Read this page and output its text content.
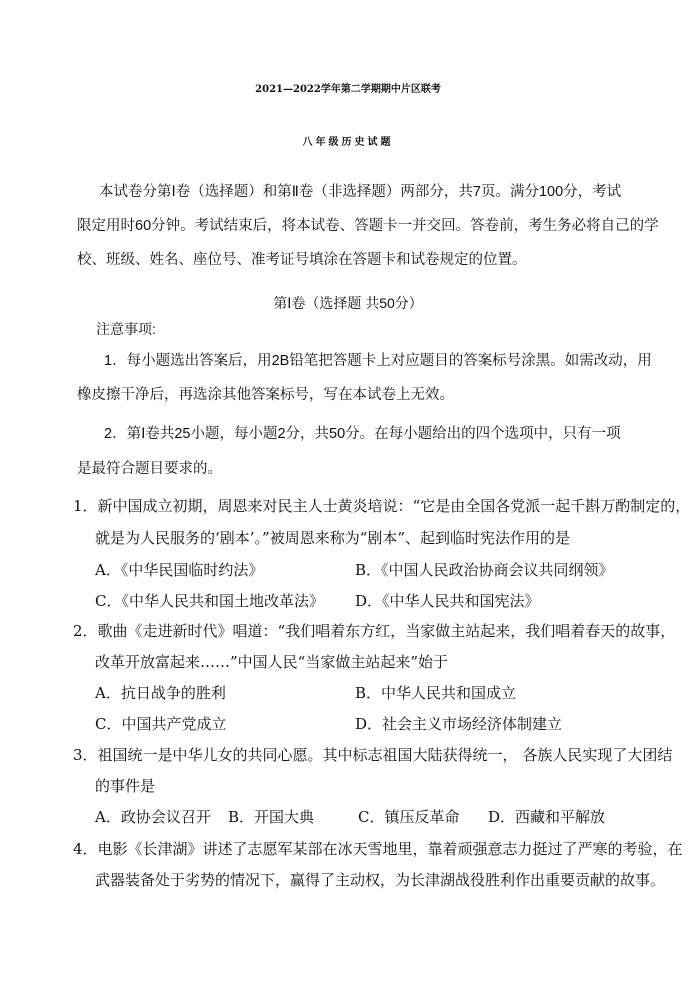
2021—2022学年第二学期期中片区联考
八年级历史试题
本试卷分第Ⅰ卷（选择题）和第Ⅱ卷（非选择题）两部分，共7页。满分100分，考试
限定用时60分钟。考试结束后，将本试卷、答题卡一并交回。答卷前，考生务必将自己的学
校、班级、姓名、座位号、准考证号填涂在答题卡和试卷规定的位置。
第Ⅰ卷（选择题 共50分）
注意事项:
1．每小题选出答案后，用2B铅笔把答题卡上对应题目的答案标号涂黑。如需改动，用
橡皮擦干净后，再选涂其他答案标号，写在本试卷上无效。
2．第Ⅰ卷共25小题，每小题2分，共50分。在每小题给出的四个选项中，只有一项
是最符合题目要求的。
1．新中国成立初期，周恩来对民主人士黄炎培说：“它是由全国各党派一起千斟万酌制定的，
就是为人民服务的‘剧本’。”被周恩来称为“剧本”、起到临时宪法作用的是
A．《中华民国临时约法》	B．《中国人民政治协商会议共同纲领》
C．《中华人民共和国土地改革法》 D．《中华人民共和国宪法》
2．歌曲《走进新时代》唱道：“我们唱着东方红，当家做主站起来，我们唱着春天的故事，
改革开放富起来……”中国人民“当家做主站起来”始于
A．抗日战争的胜利	B．中华人民共和国成立
C．中国共产党成立	D．社会主义市场经济体制建立
3．祖国统一是中华儿女的共同心愿。其中标志祖国大陆获得统一， 各族人民实现了大团结
的事件是
A．政协会议召开 B．开国大典	C．镇压反革命 D．西藏和平解放
4．电影《长津湖》讲述了志愿军某部在冰天雪地里，靠着顽强意志力挺过了严寒的考验，在
武器装备处于劣势的情况下，赢得了主动权，为长津湖战役胜利作出重要贡献的故事。
